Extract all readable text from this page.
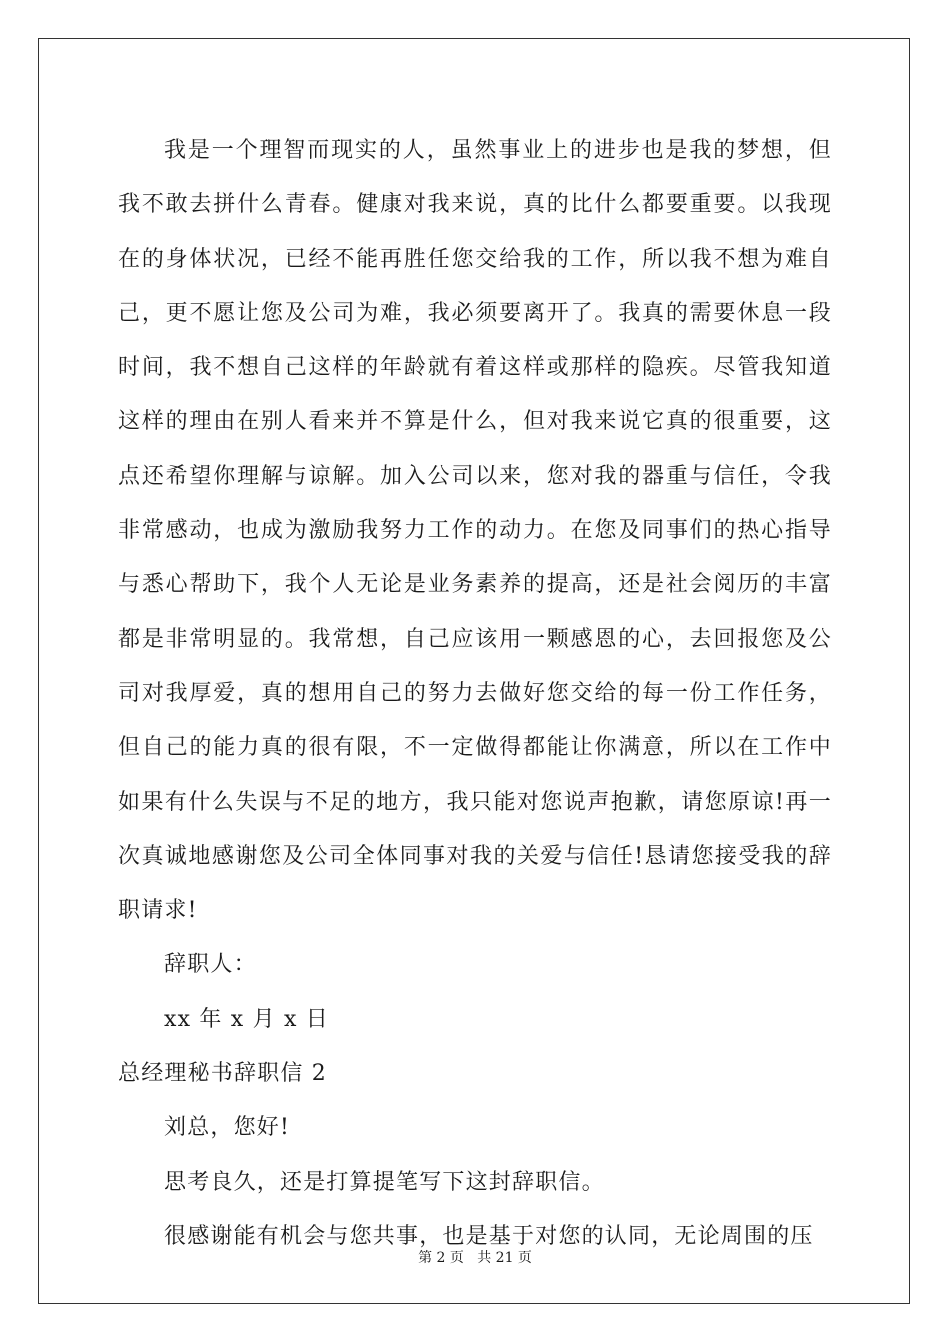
我是一个理智而现实的人，虽然事业上的进步也是我的梦想，但我不敢去拼什么青春。健康对我来说，真的比什么都要重要。以我现在的身体状况，已经不能再胜任您交给我的工作，所以我不想为难自己，更不愿让您及公司为难，我必须要离开了。我真的需要休息一段时间，我不想自己这样的年龄就有着这样或那样的隐疾。尽管我知道这样的理由在别人看来并不算是什么，但对我来说它真的很重要，这点还希望你理解与谅解。加入公司以来，您对我的器重与信任，令我非常感动，也成为激励我努力工作的动力。在您及同事们的热心指导与悉心帮助下，我个人无论是业务素养的提高，还是社会阅历的丰富都是非常明显的。我常想，自己应该用一颗感恩的心，去回报您及公司对我厚爱，真的想用自己的努力去做好您交给的每一份工作任务，但自己的能力真的很有限，不一定做得都能让你满意，所以在工作中如果有什么失误与不足的地方，我只能对您说声抱歉，请您原谅!再一次真诚地感谢您及公司全体同事对我的关爱与信任!恳请您接受我的辞职请求!

辞职人：

xx 年 x 月 x 日

总经理秘书辞职信 2

刘总，您好!

思考良久，还是打算提笔写下这封辞职信。

很感谢能有机会与您共事，也是基于对您的认同，无论周围的压

第 2 页   共 21 页
